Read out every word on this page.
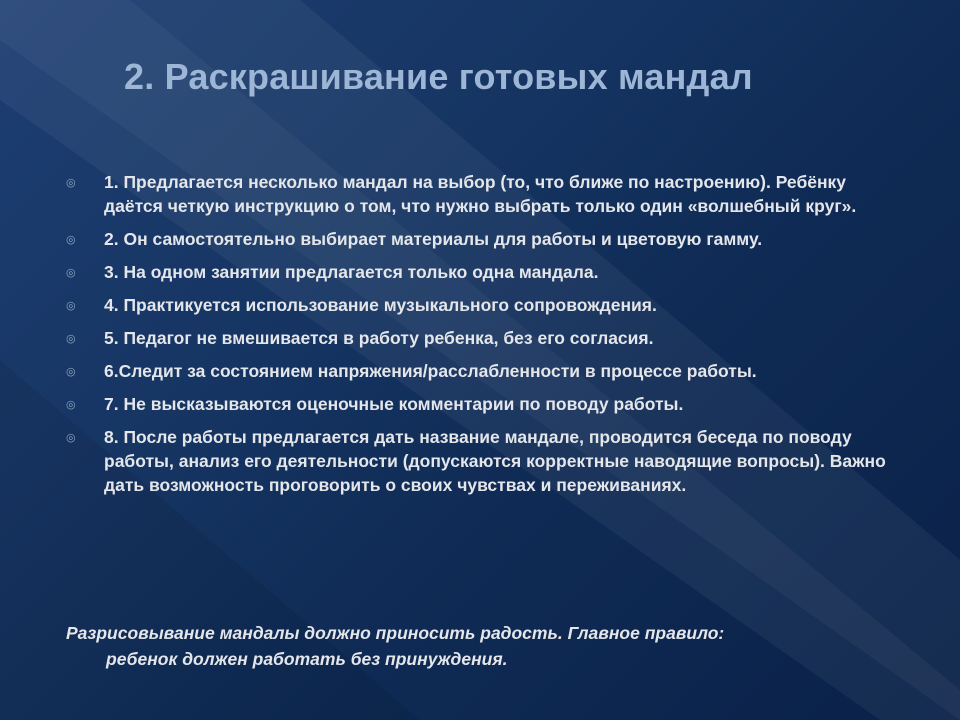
2. Раскрашивание готовых мандал
◎ 1. Предлагается несколько мандал на выбор (то, что ближе по настроению). Ребёнку даётся четкую инструкцию о том, что нужно выбрать только один «волшебный круг».
◎ 2. Он самостоятельно выбирает материалы для работы и цветовую гамму.
◎ 3. На одном занятии предлагается только одна мандала.
◎ 4. Практикуется использование музыкального сопровождения.
◎ 5. Педагог не вмешивается в работу ребенка, без его согласия.
◎ 6.Следит за состоянием напряжения/расслабленности в процессе работы.
◎ 7. Не высказываются оценочные комментарии по поводу работы.
◎ 8. После работы предлагается дать название мандале, проводится беседа по поводу работы, анализ его деятельности (допускаются корректные наводящие вопросы). Важно дать возможность проговорить о своих чувствах и переживаниях.

Разрисовывание мандалы должно приносить радость. Главное правило:
ребенок должен работать без принуждения.
